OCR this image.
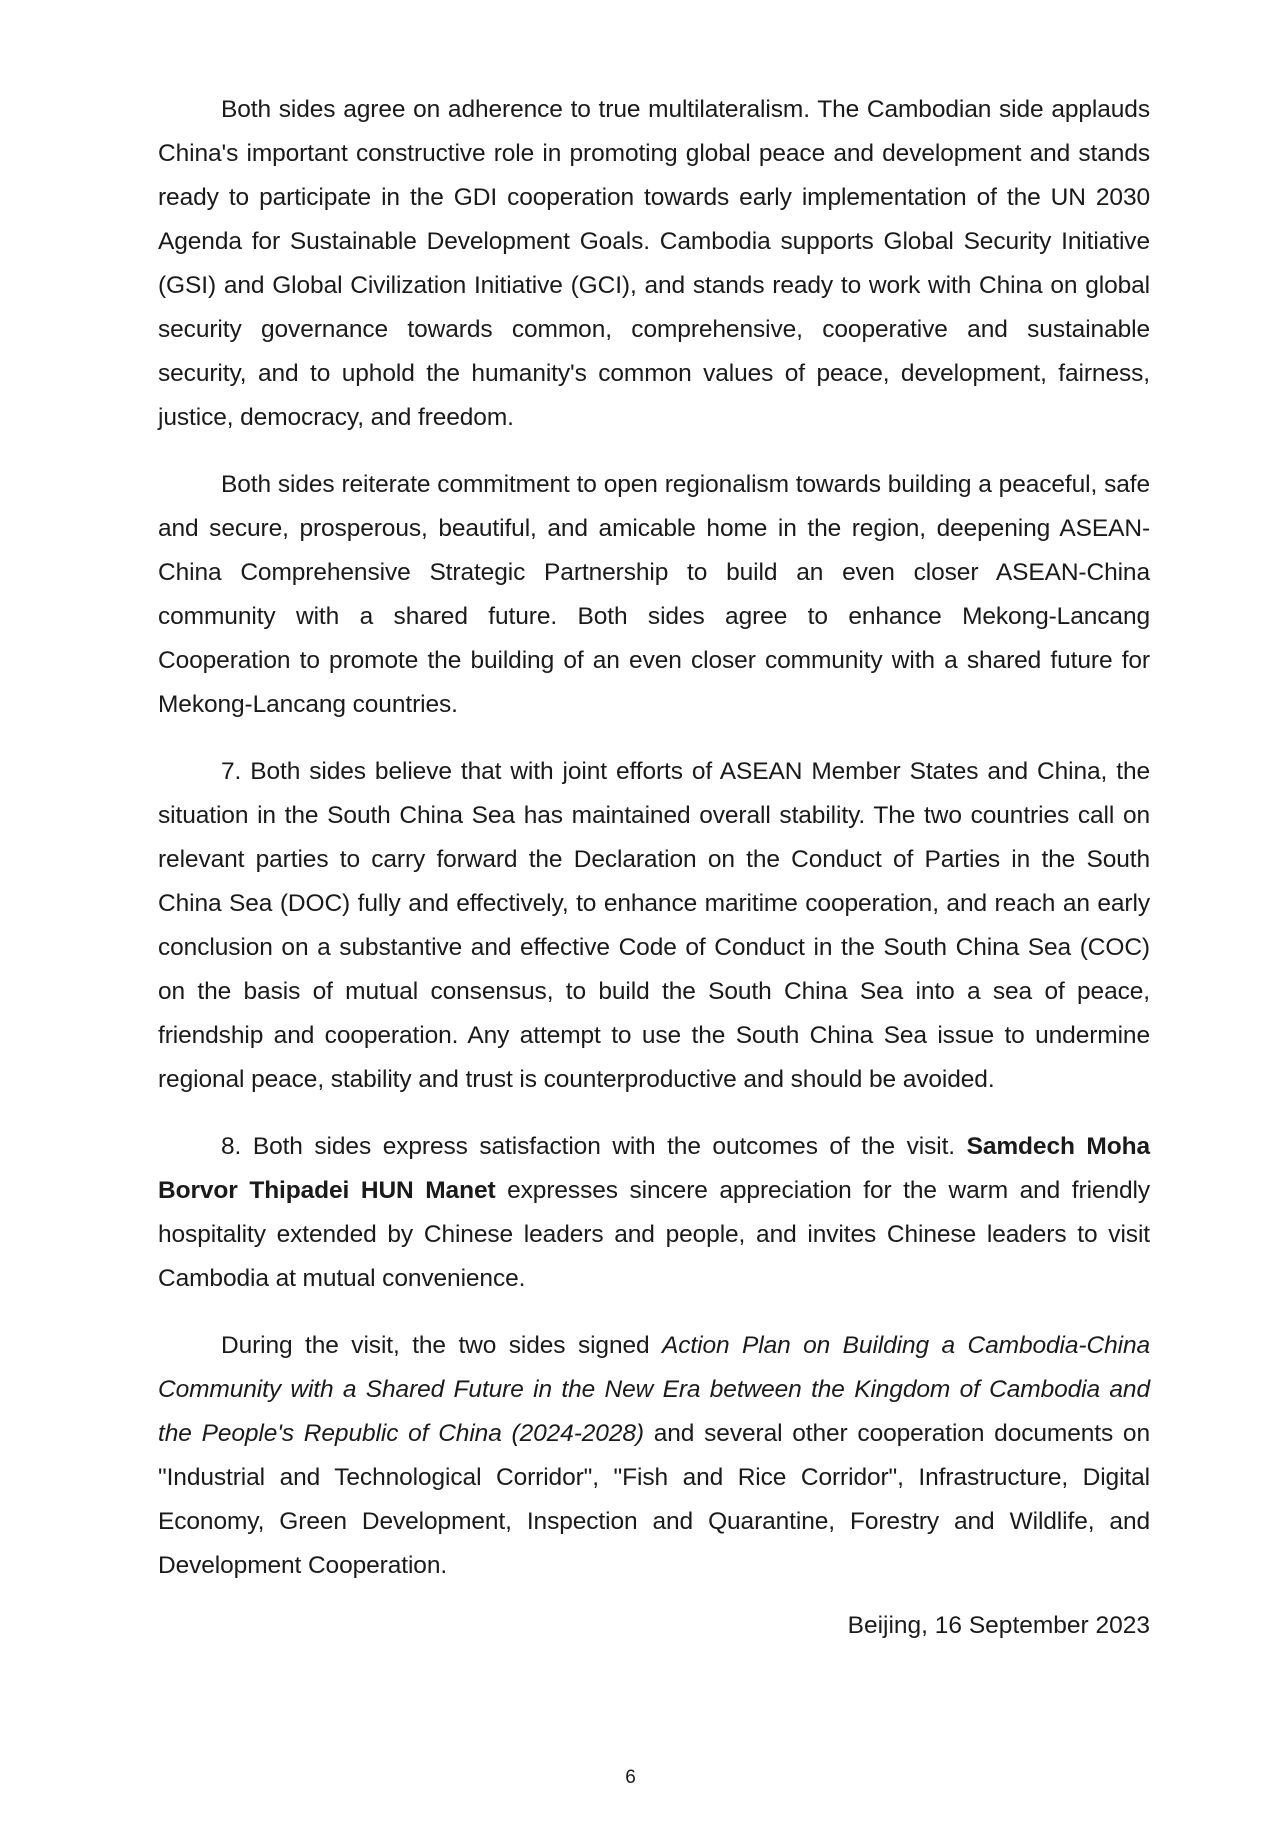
Both sides agree on adherence to true multilateralism. The Cambodian side applauds China's important constructive role in promoting global peace and development and stands ready to participate in the GDI cooperation towards early implementation of the UN 2030 Agenda for Sustainable Development Goals. Cambodia supports Global Security Initiative (GSI) and Global Civilization Initiative (GCI), and stands ready to work with China on global security governance towards common, comprehensive, cooperative and sustainable security, and to uphold the humanity's common values of peace, development, fairness, justice, democracy, and freedom.

Both sides reiterate commitment to open regionalism towards building a peaceful, safe and secure, prosperous, beautiful, and amicable home in the region, deepening ASEAN-China Comprehensive Strategic Partnership to build an even closer ASEAN-China community with a shared future. Both sides agree to enhance Mekong-Lancang Cooperation to promote the building of an even closer community with a shared future for Mekong-Lancang countries.

7. Both sides believe that with joint efforts of ASEAN Member States and China, the situation in the South China Sea has maintained overall stability. The two countries call on relevant parties to carry forward the Declaration on the Conduct of Parties in the South China Sea (DOC) fully and effectively, to enhance maritime cooperation, and reach an early conclusion on a substantive and effective Code of Conduct in the South China Sea (COC) on the basis of mutual consensus, to build the South China Sea into a sea of peace, friendship and cooperation. Any attempt to use the South China Sea issue to undermine regional peace, stability and trust is counterproductive and should be avoided.

8. Both sides express satisfaction with the outcomes of the visit. Samdech Moha Borvor Thipadei HUN Manet expresses sincere appreciation for the warm and friendly hospitality extended by Chinese leaders and people, and invites Chinese leaders to visit Cambodia at mutual convenience.

During the visit, the two sides signed Action Plan on Building a Cambodia-China Community with a Shared Future in the New Era between the Kingdom of Cambodia and the People's Republic of China (2024-2028) and several other cooperation documents on "Industrial and Technological Corridor", "Fish and Rice Corridor", Infrastructure, Digital Economy, Green Development, Inspection and Quarantine, Forestry and Wildlife, and Development Cooperation.

Beijing, 16 September 2023
6
